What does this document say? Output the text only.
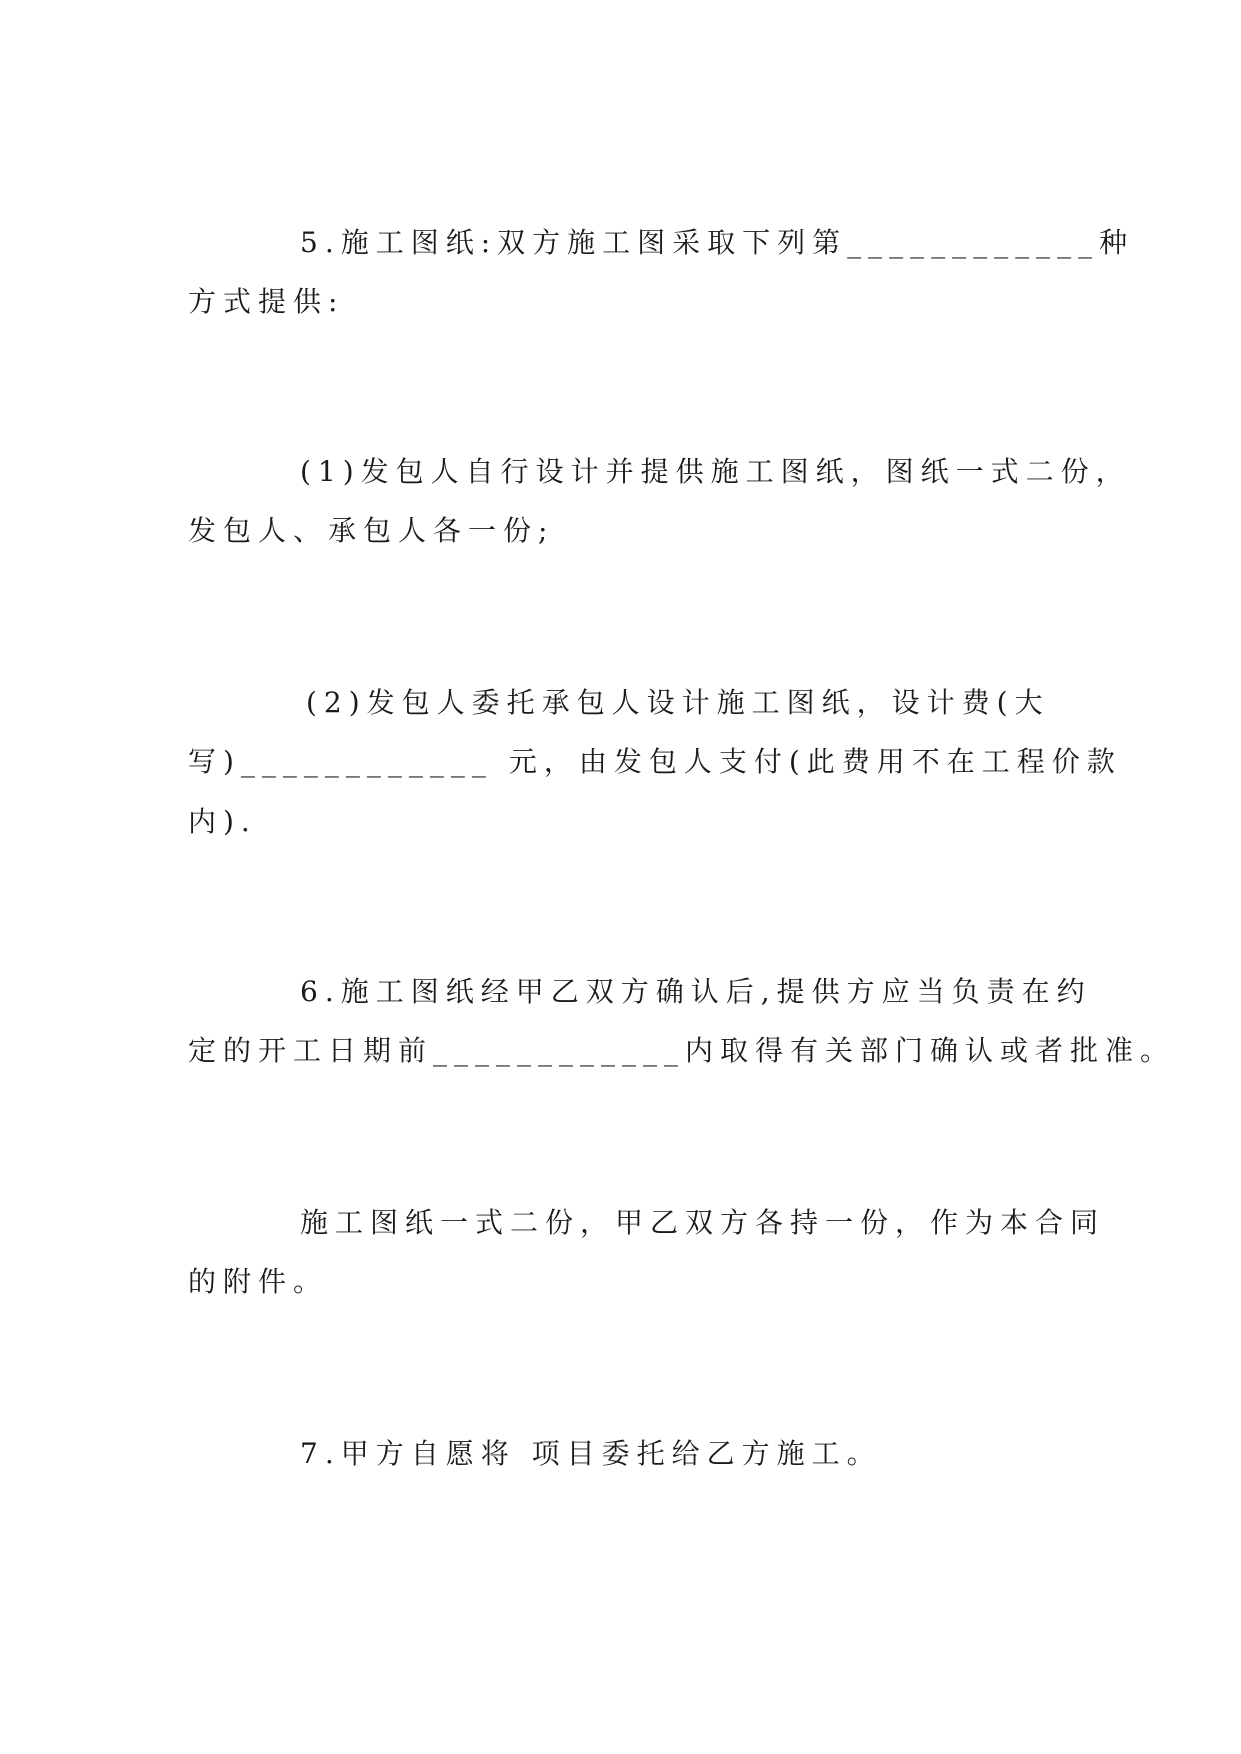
5.施工图纸:双方施工图采取下列第____________种
方式提供:
(1)发包人自行设计并提供施工图纸，图纸一式二份，
发包人、承包人各一份;
(2)发包人委托承包人设计施工图纸，设计费(大
写)____________ 元，由发包人支付(此费用不在工程价款
内).
6.施工图纸经甲乙双方确认后,提供方应当负责在约
定的开工日期前____________内取得有关部门确认或者批准。
施工图纸一式二份，甲乙双方各持一份，作为本合同
的附件。
7.甲方自愿将 项目委托给乙方施工。
